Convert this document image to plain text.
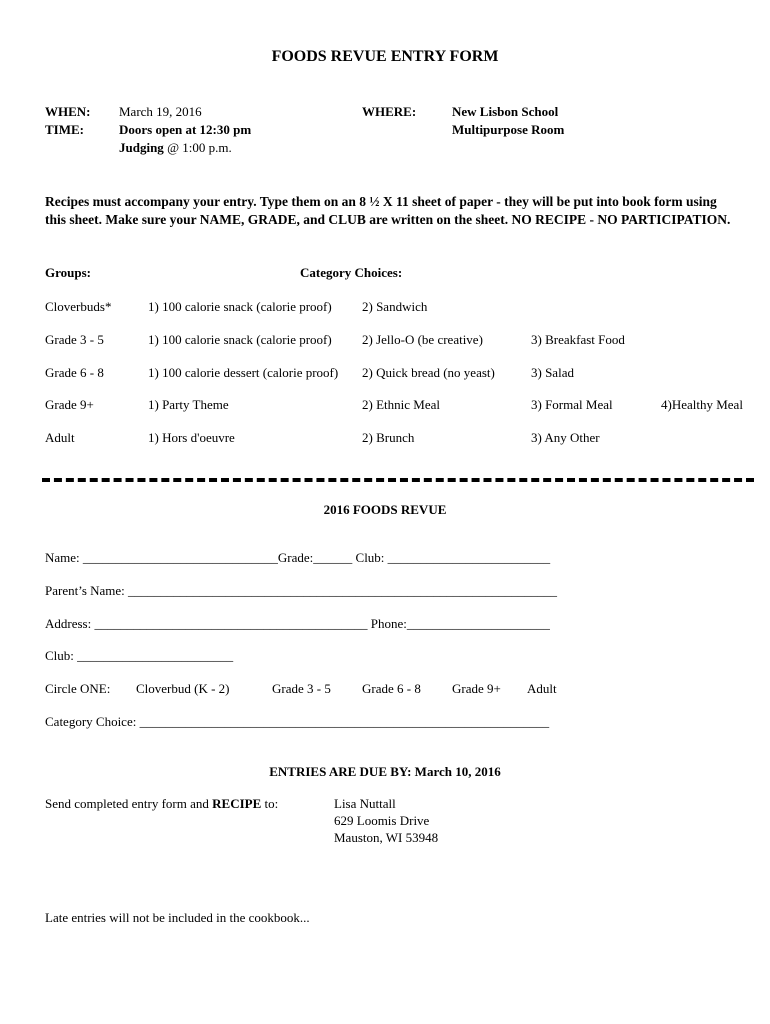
FOODS REVUE ENTRY FORM
WHEN: March 19, 2016
TIME:	Doors open at 12:30 pm
Judging @ 1:00 p.m.
WHERE:	New Lisbon School
Multipurpose Room
Recipes must accompany your entry. Type them on an 8 ½ X 11 sheet of paper - they will be put into book form using this sheet. Make sure your NAME, GRADE, and CLUB are written on the sheet. NO RECIPE - NO PARTICIPATION.
Groups:	Category Choices:
Cloverbuds*	1) 100 calorie snack (calorie proof) 2) Sandwich
Grade 3 - 5	1) 100 calorie snack (calorie proof) 2) Jello-O (be creative)	3) Breakfast Food
Grade 6 - 8	1) 100 calorie dessert (calorie proof) 2) Quick bread (no yeast)	3) Salad
Grade 9+	1) Party Theme	2) Ethnic Meal	3) Formal Meal	4)Healthy Meal
Adult	1) Hors d'oeuvre	2) Brunch	3) Any Other
2016 FOODS REVUE
Name: ______________________________Grade:______ Club: _________________________
Parent’s Name: __________________________________________________________________
Address: __________________________________________ Phone:______________________
Club: ________________________
Circle ONE: Cloverbud (K - 2)	Grade 3 - 5 Grade 6 - 8 Grade 9+ Adult
Category Choice: _______________________________________________________________
ENTRIES ARE DUE BY: March 10, 2016
Send completed entry form and RECIPE to:	Lisa Nuttall
629 Loomis Drive
Mauston, WI 53948
Late entries will not be included in the cookbook...
